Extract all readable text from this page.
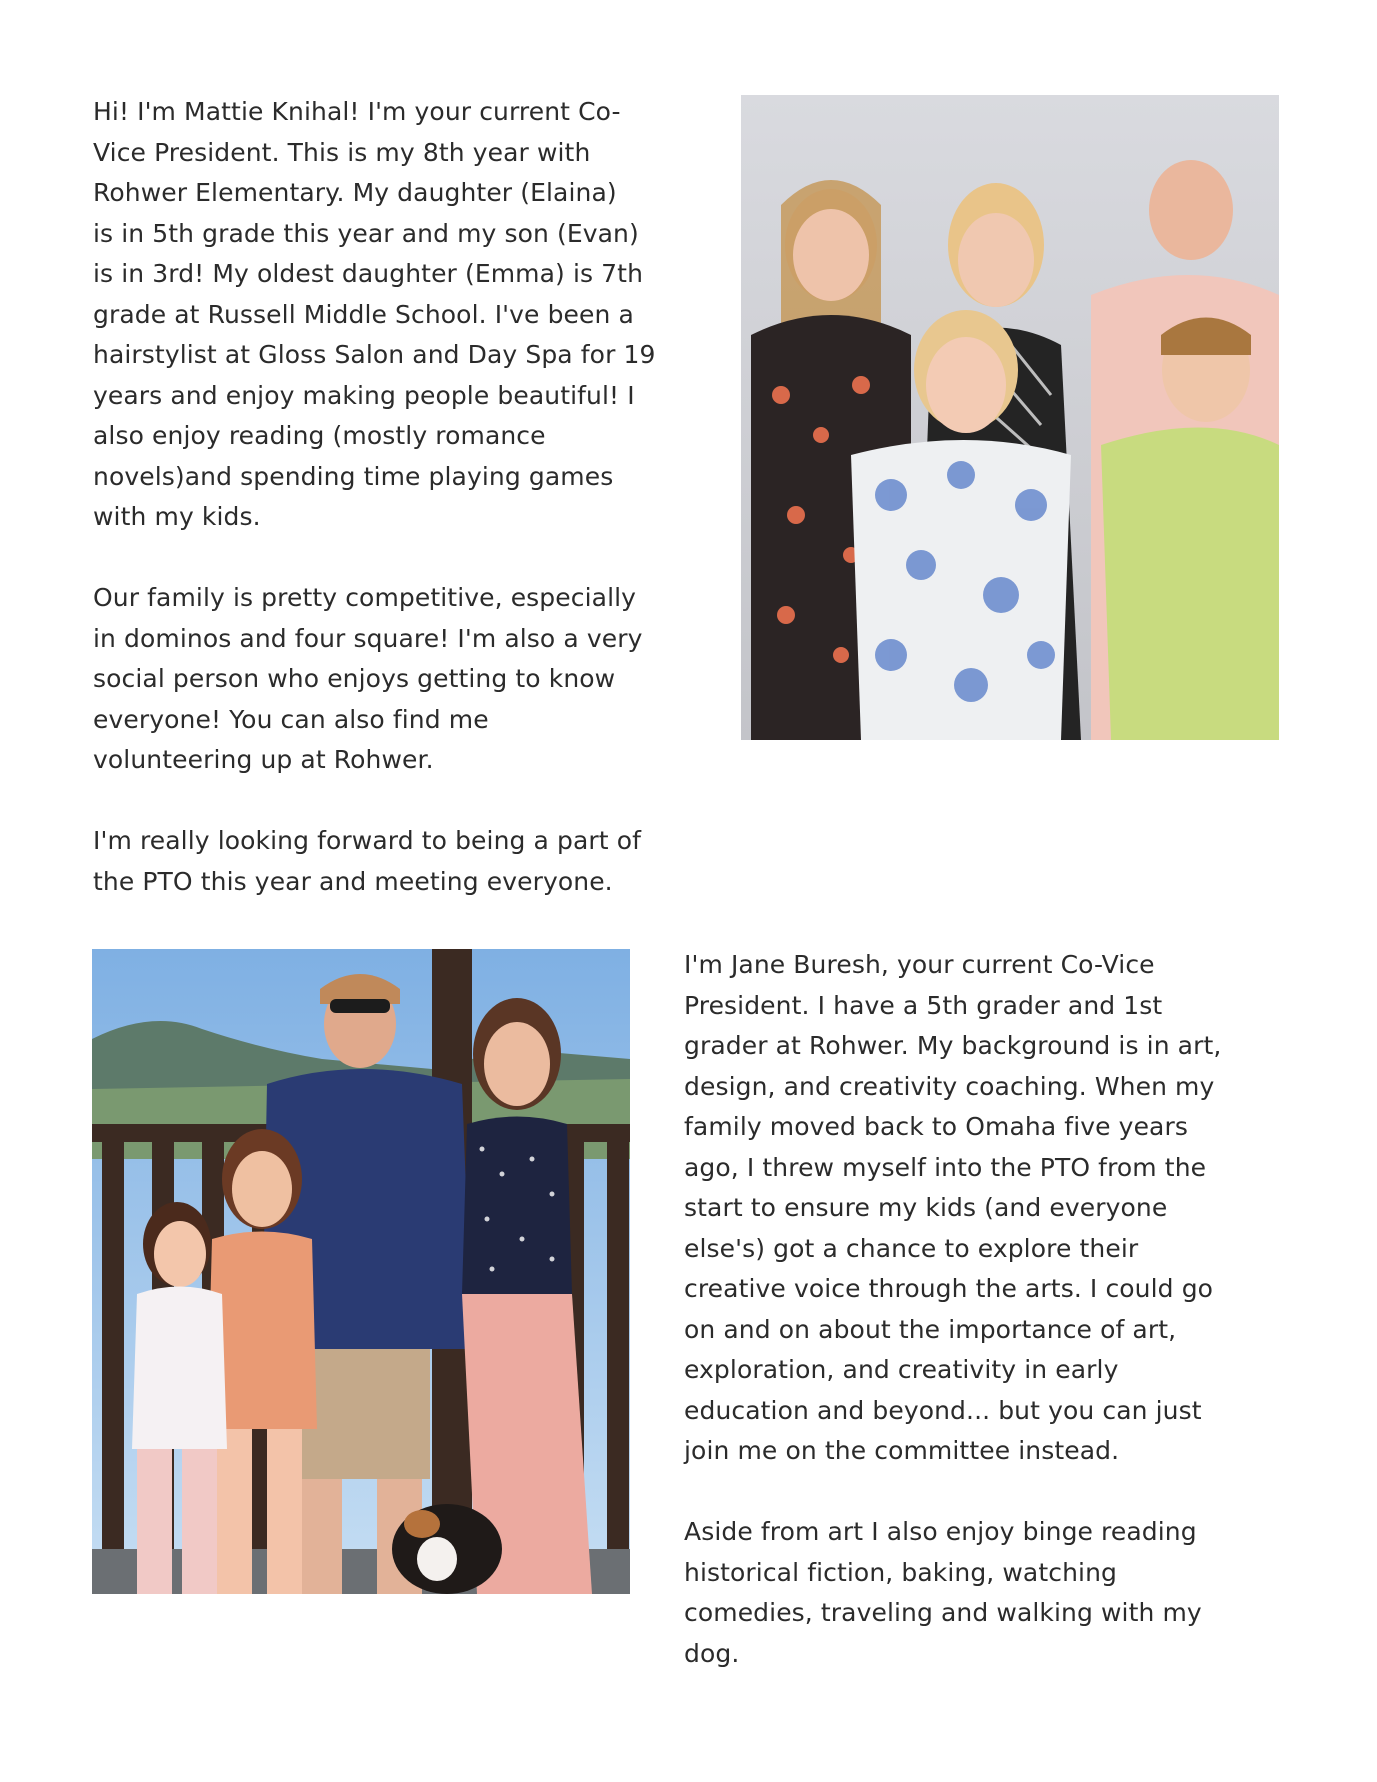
Hi! I'm Mattie Knihal! I'm your current Co-
Vice President. This is my 8th year with
Rohwer Elementary. My daughter (Elaina)
is in 5th grade this year and my son (Evan)
is in 3rd! My oldest daughter (Emma) is 7th
grade at Russell Middle School. I've been a
hairstylist at Gloss Salon and Day Spa for 19
years and enjoy making people beautiful! I
also enjoy reading (mostly romance
novels)and spending time playing games
with my kids.

Our family is pretty competitive, especially
in dominos and four square! I'm also a very
social person who enjoys getting to know
everyone! You can also find me
volunteering up at Rohwer.

I'm really looking forward to being a part of
the PTO this year and meeting everyone.

I'm Jane Buresh, your current Co-Vice
President. I have a 5th grader and 1st
grader at Rohwer. My background is in art,
design, and creativity coaching. When my
family moved back to Omaha five years
ago, I threw myself into the PTO from the
start to ensure my kids (and everyone
else's) got a chance to explore their
creative voice through the arts. I could go
on and on about the importance of art,
exploration, and creativity in early
education and beyond... but you can just
join me on the committee instead.

Aside from art I also enjoy binge reading
historical fiction, baking, watching
comedies, traveling and walking with my
dog.
